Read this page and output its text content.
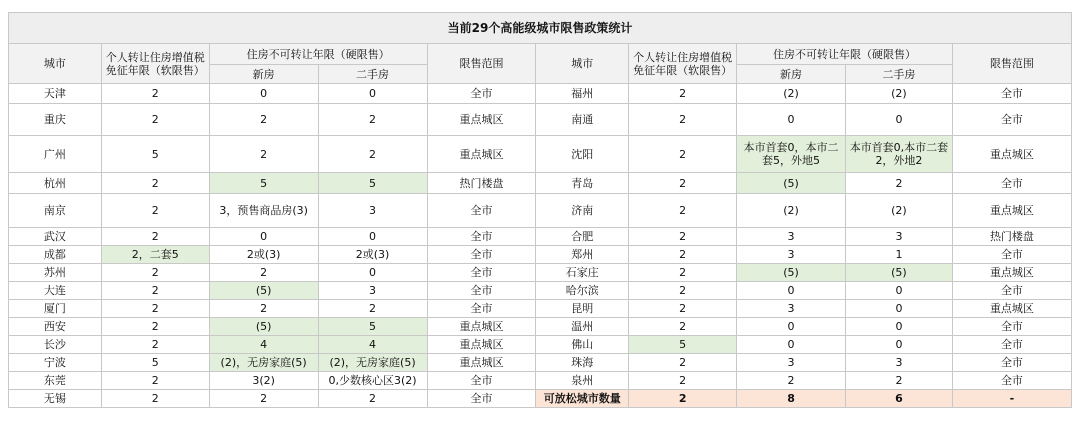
当前29个高能级城市限售政策统计									
城市	个人转让住房增值税免征年限（软限售）	住房不可转让年限（硬限售）		限售范围	城市	个人转让住房增值税免征年限（软限售）	住房不可转让年限（硬限售）		限售范围
		新房	二手房				新房	二手房	
天津	2	0	0	全市	福州	2	(2)	(2)	全市
重庆	2	2	2	重点城区	南通	2	0	0	全市
广州	5	2	2	重点城区	沈阳	2	本市首套0，本市二套5，外地5	本市首套0,本市二套2，外地2	重点城区
杭州	2	5	5	热门楼盘	青岛	2	(5)	2	全市
南京	2	3，预售商品房(3)	3	全市	济南	2	(2)	(2)	重点城区
武汉	2	0	0	全市	合肥	2	3	3	热门楼盘
成都	2，二套5	2或(3)	2或(3)	全市	郑州	2	3	1	全市
苏州	2	2	0	全市	石家庄	2	(5)	(5)	重点城区
大连	2	(5)	3	全市	哈尔滨	2	0	0	全市
厦门	2	2	2	全市	昆明	2	3	0	重点城区
西安	2	(5)	5	重点城区	温州	2	0	0	全市
长沙	2	4	4	重点城区	佛山	5	0	0	全市
宁波	5	(2)，无房家庭(5)	(2)，无房家庭(5)	重点城区	珠海	2	3	3	全市
东莞	2	3(2)	0,少数核心区3(2)	全市	泉州	2	2	2	全市
无锡	2	2	2	全市	可放松城市数量	2	8	6	-
